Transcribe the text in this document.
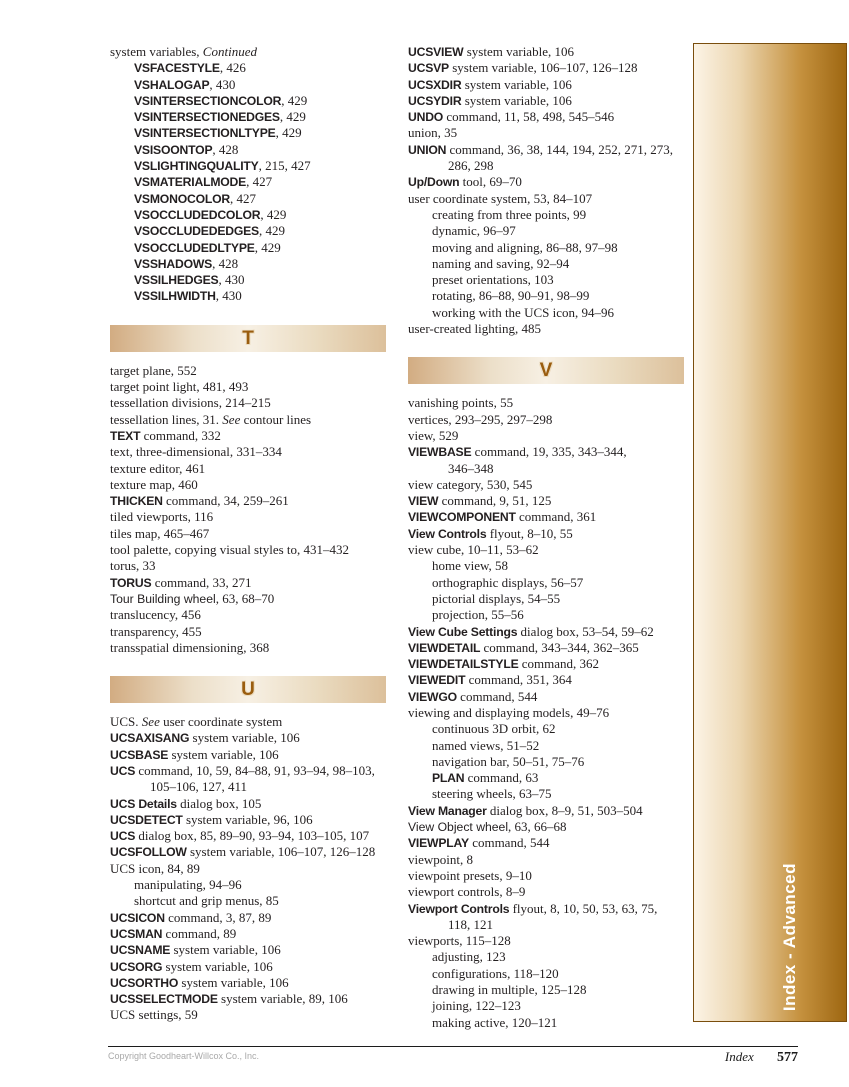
system variables, Continued
VSFACESTYLE, 426
VSHALOGAP, 430
VSINTERSECTIONCOLOR, 429
VSINTERSECTIONEDGES, 429
VSINTERSECTIONLTYPE, 429
VSISOONTOP, 428
VSLIGHTINGQUALITY, 215, 427
VSMATERIALMODE, 427
VSMONOCOLOR, 427
VSOCCLUDEDCOLOR, 429
VSOCCLUDEDEDGES, 429
VSOCCLUDEDLTYPE, 429
VSSHADOWS, 428
VSSILHEDGES, 430
VSSILHWIDTH, 430
T
target plane, 552
target point light, 481, 493
tessellation divisions, 214–215
tessellation lines, 31. See contour lines
TEXT command, 332
text, three-dimensional, 331–334
texture editor, 461
texture map, 460
THICKEN command, 34, 259–261
tiled viewports, 116
tiles map, 465–467
tool palette, copying visual styles to, 431–432
torus, 33
TORUS command, 33, 271
Tour Building wheel, 63, 68–70
translucency, 456
transparency, 455
transspatial dimensioning, 368
U
UCS. See user coordinate system
UCSAXISANG system variable, 106
UCSBASE system variable, 106
UCS command, 10, 59, 84–88, 91, 93–94, 98–103,
105–106, 127, 411
UCS Details dialog box, 105
UCSDETECT system variable, 96, 106
UCS dialog box, 85, 89–90, 93–94, 103–105, 107
UCSFOLLOW system variable, 106–107, 126–128
UCS icon, 84, 89
manipulating, 94–96
shortcut and grip menus, 85
UCSICON command, 3, 87, 89
UCSMAN command, 89
UCSNAME system variable, 106
UCSORG system variable, 106
UCSORTHO system variable, 106
UCSSELECTMODE system variable, 89, 106
UCS settings, 59
UCSVIEW system variable, 106
UCSVP system variable, 106–107, 126–128
UCSXDIR system variable, 106
UCSYDIR system variable, 106
UNDO command, 11, 58, 498, 545–546
union, 35
UNION command, 36, 38, 144, 194, 252, 271, 273,
286, 298
Up/Down tool, 69–70
user coordinate system, 53, 84–107
creating from three points, 99
dynamic, 96–97
moving and aligning, 86–88, 97–98
naming and saving, 92–94
preset orientations, 103
rotating, 86–88, 90–91, 98–99
working with the UCS icon, 94–96
user-created lighting, 485
V
vanishing points, 55
vertices, 293–295, 297–298
view, 529
VIEWBASE command, 19, 335, 343–344,
346–348
view category, 530, 545
VIEW command, 9, 51, 125
VIEWCOMPONENT command, 361
View Controls flyout, 8–10, 55
view cube, 10–11, 53–62
home view, 58
orthographic displays, 56–57
pictorial displays, 54–55
projection, 55–56
View Cube Settings dialog box, 53–54, 59–62
VIEWDETAIL command, 343–344, 362–365
VIEWDETAILSTYLE command, 362
VIEWEDIT command, 351, 364
VIEWGO command, 544
viewing and displaying models, 49–76
continuous 3D orbit, 62
named views, 51–52
navigation bar, 50–51, 75–76
PLAN command, 63
steering wheels, 63–75
View Manager dialog box, 8–9, 51, 503–504
View Object wheel, 63, 66–68
VIEWPLAY command, 544
viewpoint, 8
viewpoint presets, 9–10
viewport controls, 8–9
Viewport Controls flyout, 8, 10, 50, 53, 63, 75,
118, 121
viewports, 115–128
adjusting, 123
configurations, 118–120
drawing in multiple, 125–128
joining, 122–123
making active, 120–121
Index - Advanced
Copyright Goodheart-Willcox Co., Inc.	Index 577
